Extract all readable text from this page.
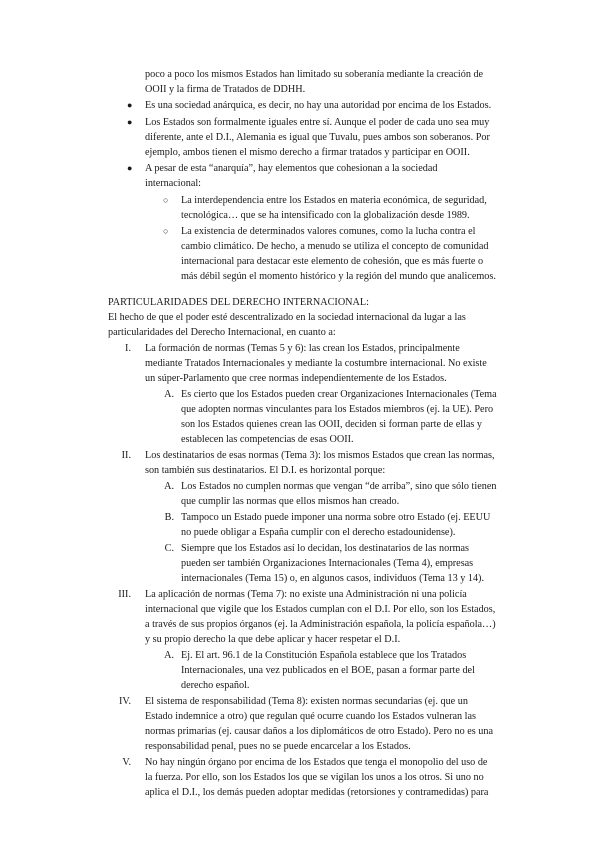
poco a poco los mismos Estados han limitado su soberanía mediante la creación de
OOII y la firma de Tratados de DDHH.
● Es una sociedad anárquica, es decir, no hay una autoridad por encima de los Estados.
● Los Estados son formalmente iguales entre sí. Aunque el poder de cada uno sea muy
diferente, ante el D.I., Alemania es igual que Tuvalu, pues ambos son soberanos. Por
ejemplo, ambos tienen el mismo derecho a firmar tratados y participar en OOII.
● A pesar de esta “anarquía”, hay elementos que cohesionan a la sociedad
internacional:
○ La interdependencia entre los Estados en materia económica, de seguridad,
tecnológica… que se ha intensificado con la globalización desde 1989.
○ La existencia de determinados valores comunes, como la lucha contra el
cambio climático. De hecho, a menudo se utiliza el concepto de comunidad
internacional para destacar este elemento de cohesión, que es más fuerte o
más débil según el momento histórico y la región del mundo que analicemos.
PARTICULARIDADES DEL DERECHO INTERNACIONAL:
El hecho de que el poder esté descentralizado en la sociedad internacional da lugar a las
particularidades del Derecho Internacional, en cuanto a:
I. La formación de normas (Temas 5 y 6): las crean los Estados, principalmente
mediante Tratados Internacionales y mediante la costumbre internacional. No existe
un súper-Parlamento que cree normas independientemente de los Estados.
A. Es cierto que los Estados pueden crear Organizaciones Internacionales (Tema
que adopten normas vinculantes para los Estados miembros (ej. la UE). Pero
son los Estados quienes crean las OOII, deciden si forman parte de ellas y
establecen las competencias de esas OOII.
II. Los destinatarios de esas normas (Tema 3): los mismos Estados que crean las normas,
son también sus destinatarios. El D.I. es horizontal porque:
A. Los Estados no cumplen normas que vengan “de arriba”, sino que sólo tienen
que cumplir las normas que ellos mismos han creado.
B. Tampoco un Estado puede imponer una norma sobre otro Estado (ej. EEUU
no puede obligar a España cumplir con el derecho estadounidense).
C. Siempre que los Estados así lo decidan, los destinatarios de las normas
pueden ser también Organizaciones Internacionales (Tema 4), empresas
internacionales (Tema 15) o, en algunos casos, individuos (Tema 13 y 14).
III. La aplicación de normas (Tema 7): no existe una Administración ni una policía
internacional que vigile que los Estados cumplan con el D.I. Por ello, son los Estados,
a través de sus propios órganos (ej. la Administración española, la policía española…)
y su propio derecho la que debe aplicar y hacer respetar el D.I.
A. Ej. El art. 96.1 de la Constitución Española establece que los Tratados
Internacionales, una vez publicados en el BOE, pasan a formar parte del
derecho español.
IV. El sistema de responsabilidad (Tema 8): existen normas secundarias (ej. que un
Estado indemnice a otro) que regulan qué ocurre cuando los Estados vulneran las
normas primarias (ej. causar daños a los diplomáticos de otro Estado). Pero no es una
responsabilidad penal, pues no se puede encarcelar a los Estados.
V. No hay ningún órgano por encima de los Estados que tenga el monopolio del uso de
la fuerza. Por ello, son los Estados los que se vigilan los unos a los otros. Si uno no
aplica el D.I., los demás pueden adoptar medidas (retorsiones y contramedidas) para
